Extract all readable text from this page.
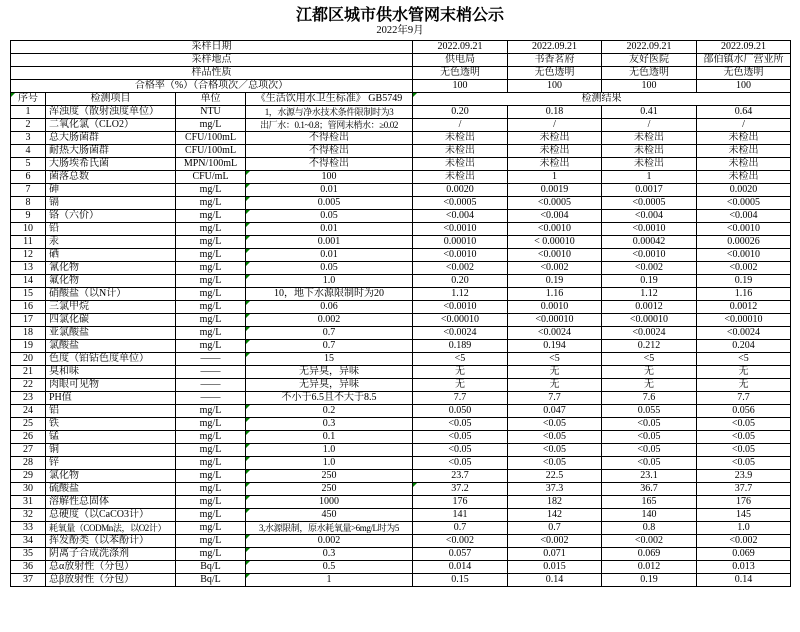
江都区城市供水管网末梢公示
2022年9月
采样日期				2022.09.21	2022.09.21	2022.09.21	2022.09.21
采样地点				供电局	书香茗府	友好医院	邵伯镇水厂营业所
样品性质				无色透明	无色透明	无色透明	无色透明
合格率（%）（合格项次／总项次）				100	100	100	100
序号	检测项目	单位	《生活饮用水卫生标准》 GB5749	检测结果			
1	浑浊度（散射浊度单位）	NTU	1，水源与净水技术条件限制时为3	0.20	0.18	0.41	0.64
2	二氧化氯（CLO2）	mg/L	出厂水：0.1~0.8；管网末梢水：≥0.02	/	/	/	/
3	总大肠菌群	CFU/100mL	不得检出	未检出	未检出	未检出	未检出
4	耐热大肠菌群	CFU/100mL	不得检出	未检出	未检出	未检出	未检出
5	大肠埃希氏菌	MPN/100mL	不得检出	未检出	未检出	未检出	未检出
6	菌落总数	CFU/mL	100	未检出	1	1	未检出
7	砷	mg/L	0.01	0.0020	0.0019	0.0017	0.0020
8	镉	mg/L	0.005	<0.0005	<0.0005	<0.0005	<0.0005
9	铬（六价）	mg/L	0.05	<0.004	<0.004	<0.004	<0.004
10	铅	mg/L	0.01	<0.0010	<0.0010	<0.0010	<0.0010
11	汞	mg/L	0.001	0.00010	< 0.00010	0.00042	0.00026
12	硒	mg/L	0.01	<0.0010	<0.0010	<0.0010	<0.0010
13	氰化物	mg/L	0.05	<0.002	<0.002	<0.002	<0.002
14	氟化物	mg/L	1.0	0.20	0.19	0.19	0.19
15	硝酸盐（以N计）	mg/L	10，地下水源限制时为20	1.12	1.16	1.12	1.16
16	三氯甲烷	mg/L	0.06	<0.0010	0.0010	0.0012	0.0012
17	四氯化碳	mg/L	0.002	<0.00010	<0.00010	<0.00010	<0.00010
18	亚氯酸盐	mg/L	0.7	<0.0024	<0.0024	<0.0024	<0.0024
19	氯酸盐	mg/L	0.7	0.189	0.194	0.212	0.204
20	色度（铂钴色度单位）	——	15	<5	<5	<5	<5
21	臭和味	——	无异臭，异味	无	无	无	无
22	肉眼可见物	——	无异臭，异味	无	无	无	无
23	PH值	——	不小于6.5且不大于8.5	7.7	7.7	7.6	7.7
24	铝	mg/L	0.2	0.050	0.047	0.055	0.056
25	铁	mg/L	0.3	<0.05	<0.05	<0.05	<0.05
26	锰	mg/L	0.1	<0.05	<0.05	<0.05	<0.05
27	铜	mg/L	1.0	<0.05	<0.05	<0.05	<0.05
28	锌	mg/L	1.0	<0.05	<0.05	<0.05	<0.05
29	氯化物	mg/L	250	23.7	22.5	23.1	23.9
30	硫酸盐	mg/L	250	37.2	37.3	36.7	37.7
31	溶解性总固体	mg/L	1000	176	182	165	176
32	总硬度（以CaCO3计）	mg/L	450	141	142	140	145
33	耗氧量（CODMn法，以O2计）	mg/L	3,水源限制，原水耗氧量>6mg/L时为5	0.7	0.7	0.8	1.0
34	挥发酚类（以苯酚计）	mg/L	0.002	<0.002	<0.002	<0.002	<0.002
35	阴离子合成洗涤剂	mg/L	0.3	0.057	0.071	0.069	0.069
36	总α放射性（分包）	Bq/L	0.5	0.014	0.015	0.012	0.013
37	总β放射性（分包）	Bq/L	1	0.15	0.14	0.19	0.14
